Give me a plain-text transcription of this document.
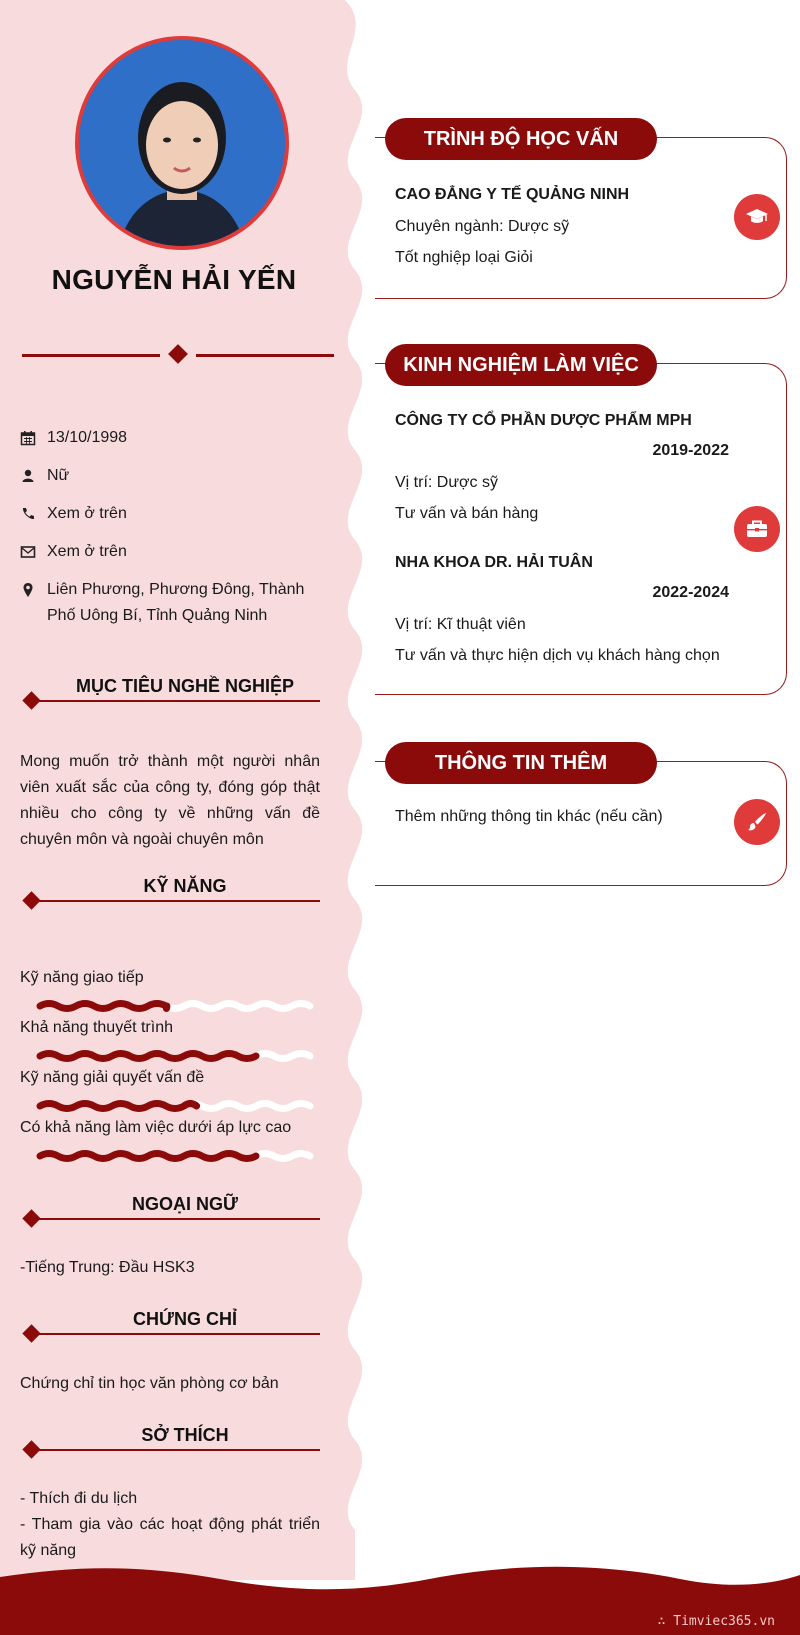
∴ Timviec365.vn
NGUYỄN HẢI YẾN
13/10/1998
Nữ
Xem ở trên
Xem ở trên
Liên Phương, Phương Đông, Thành Phố Uông Bí, Tỉnh Quảng Ninh
MỤC TIÊU NGHỀ NGHIỆP
Mong muốn trở thành một người nhân viên xuất sắc của công ty, đóng góp thật nhiều cho công ty về những vấn đề chuyên môn và ngoài chuyên môn
KỸ NĂNG
Kỹ năng giao tiếp
Khả năng thuyết trình
Kỹ năng giải quyết vấn đề
Có khả năng làm việc dưới áp lực cao
NGOẠI NGỮ
-Tiếng Trung: Đầu HSK3
CHỨNG CHỈ
Chứng chỉ tin học văn phòng cơ bản
SỞ THÍCH
- Thích đi du lịch
- Tham gia vào các hoạt động phát triển kỹ năng
TRÌNH ĐỘ HỌC VẤN
CAO ĐẲNG Y TẾ QUẢNG NINH
Chuyên ngành: Dược sỹ
Tốt nghiệp loại Giỏi
KINH NGHIỆM LÀM VIỆC
CÔNG TY CỔ PHẦN DƯỢC PHẨM MPH
2019-2022
Vị trí: Dược sỹ
Tư vấn và bán hàng
NHA KHOA DR. HẢI TUÂN
2022-2024
Vị trí: Kĩ thuật viên
Tư vấn và thực hiện dịch vụ khách hàng chọn
THÔNG TIN THÊM
Thêm những thông tin khác (nếu cần)
